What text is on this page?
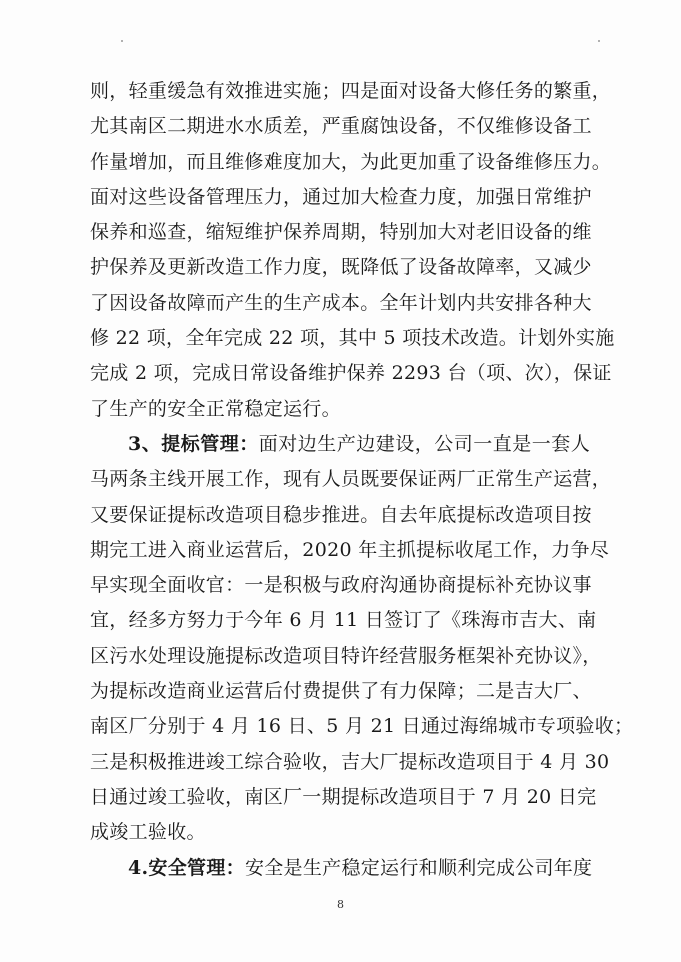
则，轻重缓急有效推进实施；四是面对设备大修任务的繁重，
尤其南区二期进水水质差，严重腐蚀设备，不仅维修设备工
作量增加，而且维修难度加大，为此更加重了设备维修压力。
面对这些设备管理压力，通过加大检查力度，加强日常维护
保养和巡查，缩短维护保养周期，特别加大对老旧设备的维
护保养及更新改造工作力度，既降低了设备故障率，又减少
了因设备故障而产生的生产成本。全年计划内共安排各种大
修 22 项，全年完成 22 项，其中 5 项技术改造。计划外实施
完成 2 项，完成日常设备维护保养 2293 台（项、次），保证
了生产的安全正常稳定运行。
3、提标管理：面对边生产边建设，公司一直是一套人
马两条主线开展工作，现有人员既要保证两厂正常生产运营，
又要保证提标改造项目稳步推进。自去年底提标改造项目按
期完工进入商业运营后，2020 年主抓提标收尾工作，力争尽
早实现全面收官：一是积极与政府沟通协商提标补充协议事
宜，经多方努力于今年 6 月 11 日签订了《珠海市吉大、南
区污水处理设施提标改造项目特许经营服务框架补充协议》，
为提标改造商业运营后付费提供了有力保障；二是吉大厂、
南区厂分别于 4 月 16 日、5 月 21 日通过海绵城市专项验收；
三是积极推进竣工综合验收，吉大厂提标改造项目于 4 月 30
日通过竣工验收，南区厂一期提标改造项目于 7 月 20 日完
成竣工验收。
4.安全管理：安全是生产稳定运行和顺利完成公司年度
8
